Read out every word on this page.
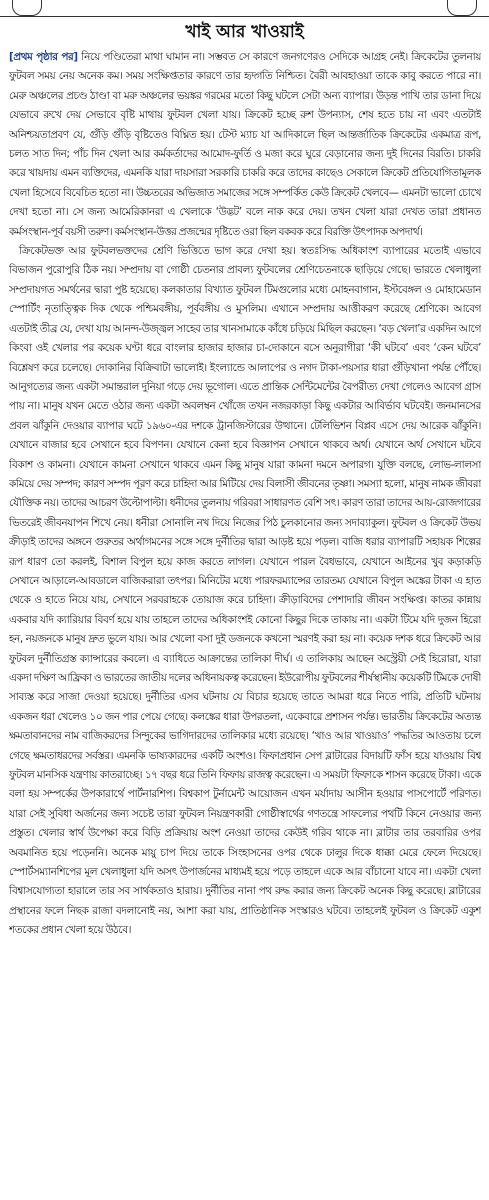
খাই আর খাওয়াই

[প্রথম পৃষ্ঠার পর] নিয়ে পণ্ডিতেরা মাথা ঘামান না। সম্ভবত সে কারণে জনগণেরও সেদিকে আগ্রহ নেই। ক্রিকেটের তুলনায় ফুটবল সময় নেয় অনেক কম। সময় সংক্ষিপ্ততার কারণে তার হৃদ্গতি নিশ্চিত। বৈরী আবহাওয়া তাকে কাবু করতে পারে না। মেরু অঞ্চলের প্রচণ্ড ঠাণ্ডা বা মরু অঞ্চলের ভয়ঙ্কর গরমের মতো কিছু ঘটলে সেটা অন্য ব্যাপার। উড়ন্ত পাখি তার ডানা দিয়ে যেভাবে রুখে দেয় সেভাবে বৃষ্টি মাথায় ফুটবল খেলা যায়। ক্রিকেট হচ্ছে রুশ উপন্যাস, শেষ হতে চায় না এবং এতটাই অনিশ্চয়তাপ্রবণ যে, গুঁড়ি গুঁড়ি বৃষ্টিতেও বিঘ্নিত হয়। টেস্ট ম্যাচ যা আদিকালে ছিল আন্তর্জাতিক ক্রিকেটের একমাত্র রূপ, চলত সাত দিন; পাঁচ দিন খেলা আর কর্মকর্তাদের আমোদ-ফুর্তি ও মজা করে ঘুরে বেড়ানোর জন্য দুই দিনের বিরতি। চাকরি করে খায়দায় এমন ব্যক্তিদের, এমনকি যারা দায়সারা সরকারি চাকরি করে তাদের কাছেও সেকালে ক্রিকেট প্রতিযোগিতামূলক খেলা হিসেবে বিবেচিত হতো না। উচ্চতরের অভিজাত সমাজের সঙ্গে সম্পর্কিত কেউ ক্রিকেট খেলবে— এমনটা ভালো চোখে দেখা হতো না। সে জন্য আমেরিকানরা এ খেলাকে ‘উদ্ভট’ বলে নাক করে দেয়। তখন খেলা যারা দেখত তারা প্রধানত কর্মসংস্থান-পূর্ব বয়সী তরুণ। কর্মসংস্থান-উত্তর প্রজন্মের দৃষ্টিতে ওরা ছিল বকবক করে বিরক্তি উৎপাদক অপদার্থ।

ক্রিকেটভক্ত আর ফুটবলভক্তদের শ্রেণি ভিত্তিতে ভাগ করে দেখা হয়। স্বতঃসিদ্ধ অধিকাংশ ব্যাপারের মতোই এভাবে বিভাজন পুরোপুরি ঠিক নয়। সম্প্রদায় বা গোষ্ঠী চেতনার প্রাবল্য ফুটবলের শ্রেণিচেতনাকে ছাড়িয়ে গেছে। ভারতে খেলাধুলা সম্প্রদায়গত সমর্থনের দ্বারা পুষ্ট হয়েছে। কলকাতার বিখ্যাত ফুটবল টিমগুলোর মধ্যে মোহনবাগান, ইস্টবেঙ্গল ও মোহামেডান স্পোর্টিং নৃতাত্ত্বিক দিক থেকে পশ্চিমবঙ্গীয়, পূর্ববঙ্গীয় ও মুসলিম। এখানে সম্প্রদায় আত্তীকরণ করেছে শ্রেণিকে। আবেগ এতটাই তীব্র যে, দেখা যায় আনন্দ-উজ্জ্বল সাহেব তার খানসামাকে কাঁধে চড়িয়ে মিছিল করছেন। ‘বড় খেলা’র একদিন আগে কিংবা ওই খেলার পর কয়েক ঘণ্টা ধরে বাংলার হাজার হাজার চা-দোকানে বসে অনুরাগীরা ‘কী ঘটবে’ এবং ‘কেন ঘটবে’ বিশ্লেষণ করে চলেছে। দোকানির বিক্রিবাটা ভালোই। ইংল্যান্ডে আলাপের ও নগদ টাকা-পয়সার ধারা গুঁড়িখানা পর্যন্ত পৌঁছে। আনুগত্যের জন্য একটা সমান্তরাল দুনিয়া গড়ে দেয় ভূগোল। এতে প্রান্তিক সেন্টিমেন্টের বৈপরীত্য দেখা গেলেও আবেগ গ্রাস পায় না। মানুষ যখন মেতে ওঠার জন্য একটা অবলম্বন খোঁজে তখন নজরকাড়া কিছু একটার আবির্ভাব ঘটবেই। জনমানসের প্রবল ঝাঁকুনি দেওয়ার ব্যাপার ঘটে ১৯৬০-এর দশকে ট্রানজিস্টারের উত্থানে। টেলিভিশন বিপ্লব এসে দেয় আরেক ঝাঁকুনি। যেখানে বাজার হবে সেখানে হবে বিপণন। যেখানে কেনা হবে বিজ্ঞাপন সেখানে থাকবে অর্থ। যেখানে অর্থ সেখানে ঘটবে বিকাশ ও কামনা। যেখানে কামনা সেখানে থাকবে এমন কিছু মানুষ যারা কামনা দমনে অপারগ। যুক্তি বলছে, লোভ-লালসা কমিয়ে দেয় সম্পদ; কারণ সম্পদ পূরণ করে চাহিদা আর মিটিয়ে দেয় বিলাসী জীবনের তৃষ্ণা। সমস্যা হলো, মানুষ নামক জীবরা যৌক্তিক নয়। তাদের আচরণ উল্টোপাল্টা। ধনীদের তুলনায় গরিবরা সাধারণত বেশি সৎ। কারণ তারা তাদের আয়-রোজগারের ভিতরেই জীবনযাপন শিখে নেয়। ধনীরা সোনালি নখ দিয়ে নিজের পিঠ চুলকানোর জন্য সদাব্যাকুল। ফুটবল ও ক্রিকেট উভয় ক্রীড়াই তাদের অঙ্গনে গুরুতর অর্থাগমনের সঙ্গে সঙ্গে দুর্নীতির দ্বারা আড়ষ্ট হয়ে পড়ল। বাজি ধরার ব্যাপারটি সহায়ক শিল্পের রূপ ধারণ তো করলই, বিশাল বিপুল হয়ে কাজ করতে লাগল। যেখানে পারল বৈধভাবে, যেখানে আইনের খুব কড়াকড়ি সেখানে আড়ালে-আবডালে বাজিকরারা তৎপর। মিনিটের মধ্যে পারফরম্যান্সের তারতম্য যেখানে বিপুল অঙ্কের টাকা এ হাত থেকে ও হাতে নিয়ে যায়, সেখানে সরবরাহকে তোয়াজ করে চাহিদা। ক্রীড়াবিদের পেশাদারি জীবন সংক্ষিপ্ত। কাতর কান্নায় একবার যদি ক্যারিয়ার বিবর্ণ হয়ে যায় তাহলে তাদের অধিকাংশই কোনো কিছুর দিকে তাকায় না। একটা টিমে যদি দুজন হিরো হন, নয়জনকে মানুষ দ্রুত ভুলে যায়। আর খেলো বসা দুই ডজনকে কখনো স্মরণই করা হয় না। কয়েক দশক ধরে ক্রিকেট আর ফুটবল দুর্নীতিগ্রস্ত ক্যান্সারের কবলে। এ ব্যাধিতে আক্রান্তের তালিকা দীর্ঘ। এ তালিকায় আছেন অস্ট্রেয়ী সেই হিরোরা, যারা একদা দক্ষিণ আফ্রিকা ও ভারতের জাতীয় দলের অধিনায়কত্ব করেছেন। ইউরোপীয় ফুটবলের শীর্ষস্থানীয় কয়েকটি টিমকে দোষী সাব্যস্ত করে সাজা দেওয়া হয়েছে। দুর্নীতির এসব ঘটনায় যে বিচার হয়েছে তাতে আমরা ধরে নিতে পারি, প্রতিটি ঘটনায় একজন ধরা খেলেও ১০ জন পার পেয়ে গেছে। কলঙ্কের ধারা উপরতলা, একেবারে প্রশাসন পর্যন্ত। ভারতীয় ক্রিকেটের অত্যন্ত ক্ষমতাবানদের নাম বাজিকরদের সিন্দুকের ভাগিদারদের তালিকার মধ্যে রয়েছে। ‘খাও আর খাওয়াও’ পদ্ধতির আওতায় চলে গেছে ক্ষমতাধরদের সর্বস্তর। এমনকি ভাষ্যকারদের একটি অংশও। ফিফাপ্রধান সেপ ব্লাটারের বিদায়টি ফাঁস হয়ে যাওয়ায় বিশ্ব ফুটবল মানসিক যন্ত্রণায় কাতরাচ্ছে। ১৭ বছর ধরে তিনি ফিফায় রাজত্ব করেছেন। এ সময়টা ফিফাকে শাসন করেছে টাকা। একে বলা হয় সম্পর্কের উপকারার্থে পার্টনারশিপ। বিশ্বকাপ টুর্নামেন্ট আয়োজন এখন মর্যাদায় আসীন হওয়ার পাসপোর্টে পরিণত। যারা সেই সুবিধা অর্জনের জন্য সচেষ্ট তারা ফুটবল নিয়ন্ত্রণকারী গোষ্ঠীস্বার্থের গণতন্ত্রে সাফল্যের পথটি কিনে নেওয়ার জন্য প্রস্তুত। খেলার স্বার্থ উপেক্ষা করে বিড়ি প্রক্রিয়ায় অংশ নেওয়া তাদের কেউই গরিব থাকে না। ব্লাটার তার তরবারির ওপর অবমানিত হয়ে পড়েননি। অনেক মায়ু চাপ দিয়ে তাকে সিংহাসনের ওপর থেকে ঢালুর দিকে ধাক্কা মেরে ফেলে দিয়েছে। স্পোর্টসম্যানশিপের মূল খেলাধুলা যদি অসৎ উপার্জনের মাধ্যমই হয়ে পড়ে তাহলে একে আর বাঁচানো যাবে না। একটা খেলা বিশ্বাসযোগ্যতা হারালে তার সব সার্থকতাও হারায়। দুর্নীতির নানা পথ রুদ্ধ করার জন্য ক্রিকেট অনেক কিছু করেছে। ব্লাটারের প্রস্থানের ফলে নিছক রাজা বদলানোই নয়, আশা করা যায়, প্রাতিষ্ঠানিক সংস্কারও ঘটবে। তাহলেই ফুটবল ও ক্রিকেট একুশ শতকের প্রধান খেলা হয়ে উঠবে।
